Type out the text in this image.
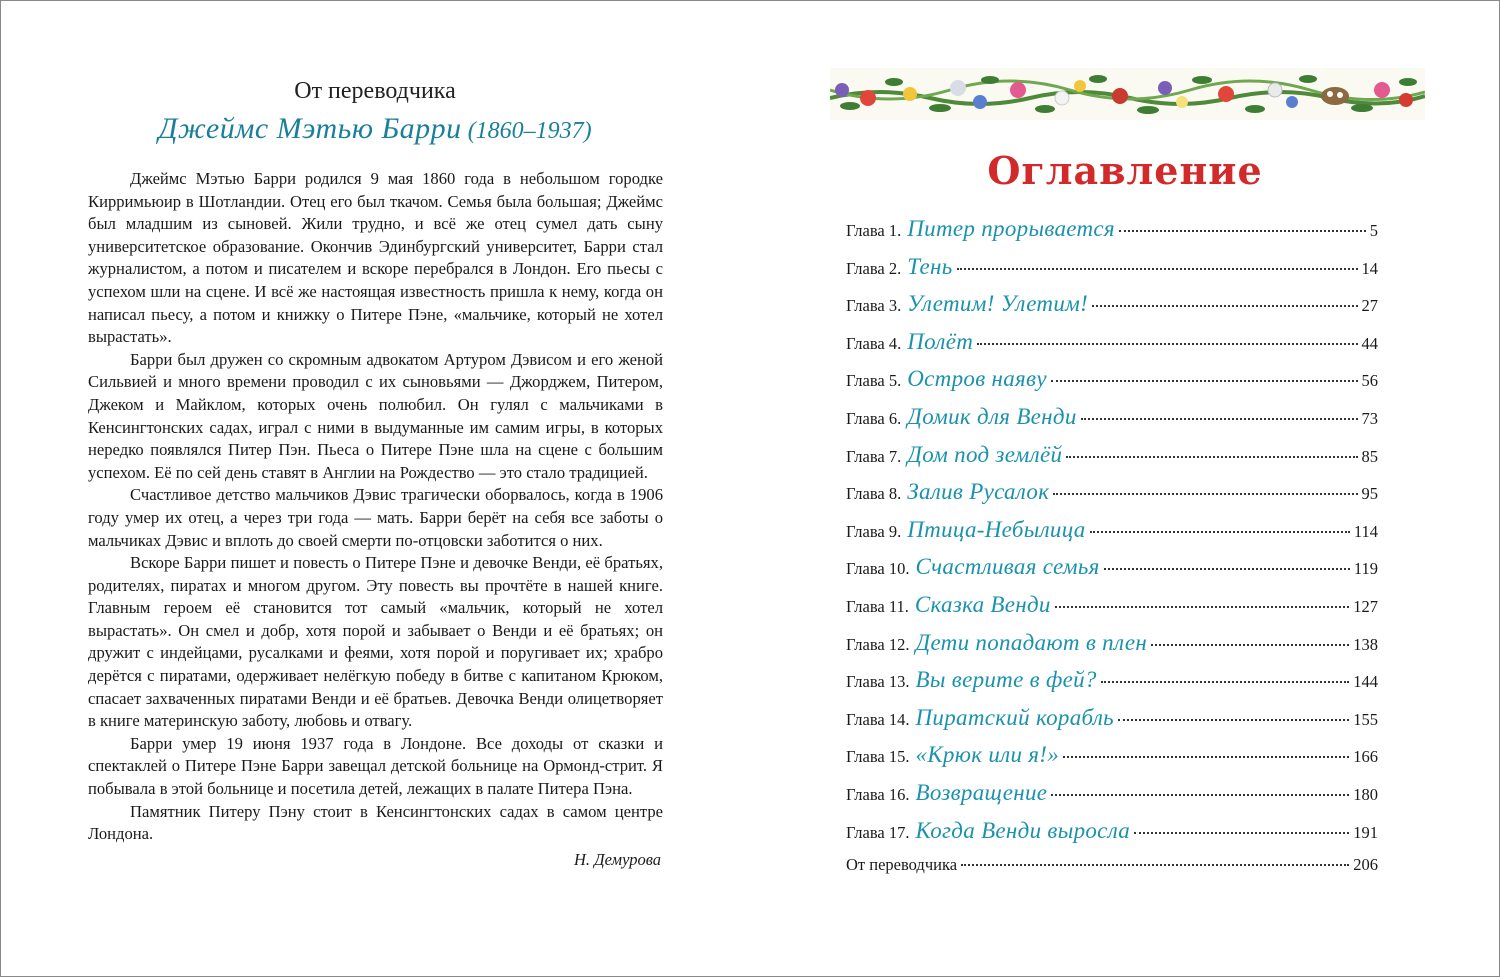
От переводчика
Джеймс Мэтью Барри (1860–1937)

Джеймс Мэтью Барри родился 9 мая 1860 года в небольшом городке Кирримьюир в Шотландии. Отец его был ткачом. Семья была большая; Джеймс был младшим из сыновей. Жили трудно, и всё же отец сумел дать сыну университетское образование. Окончив Эдинбургский университет, Барри стал журналистом, а потом и писателем и вскоре перебрался в Лондон. Его пьесы с успехом шли на сцене. И всё же настоящая известность пришла к нему, когда он написал пьесу, а потом и книжку о Питере Пэне, «мальчике, который не хотел вырастать».

Барри был дружен со скромным адвокатом Артуром Дэвисом и его женой Сильвией и много времени проводил с их сыновьями — Джорджем, Питером, Джеком и Майклом, которых очень полюбил. Он гулял с мальчиками в Кенсингтонских садах, играл с ними в выдуманные им самим игры, в которых нередко появлялся Питер Пэн. Пьеса о Питере Пэне шла на сцене с большим успехом. Её по сей день ставят в Англии на Рождество — это стало традицией.

Счастливое детство мальчиков Дэвис трагически оборвалось, когда в 1906 году умер их отец, а через три года — мать. Барри берёт на себя все заботы о мальчиках Дэвис и вплоть до своей смерти по-отцовски заботится о них.

Вскоре Барри пишет и повесть о Питере Пэне и девочке Венди, её братьях, родителях, пиратах и многом другом. Эту повесть вы прочтёте в нашей книге. Главным героем её становится тот самый «мальчик, который не хотел вырастать». Он смел и добр, хотя порой и забывает о Венди и её братьях; он дружит с индейцами, русалками и феями, хотя порой и поругивает их; храбро дерётся с пиратами, одерживает нелёгкую победу в битве с капитаном Крюком, спасает захваченных пиратами Венди и её братьев. Девочка Венди олицетворяет в книге материнскую заботу, любовь и отвагу.

Барри умер 19 июня 1937 года в Лондоне. Все доходы от сказки и спектаклей о Питере Пэне Барри завещал детской больнице на Ормонд-стрит. Я побывала в этой больнице и посетила детей, лежащих в палате Питера Пэна.

Памятник Питеру Пэну стоит в Кенсингтонских садах в самом центре Лондона.

Н. Демурова
Оглавление
Глава 1. Питер прорывается	5
Глава 2. Тень	14
Глава 3. Улетим! Улетим!	27
Глава 4. Полёт	44
Глава 5. Остров наяву	56
Глава 6. Домик для Венди	73
Глава 7. Дом под землёй	85
Глава 8. Залив Русалок	95
Глава 9. Птица-Небылица	114
Глава 10. Счастливая семья	119
Глава 11. Сказка Венди	127
Глава 12. Дети попадают в плен	138
Глава 13. Вы верите в фей?	144
Глава 14. Пиратский корабль	155
Глава 15. «Крюк или я!»	166
Глава 16. Возвращение	180
Глава 17. Когда Венди выросла	191
От переводчика	206
